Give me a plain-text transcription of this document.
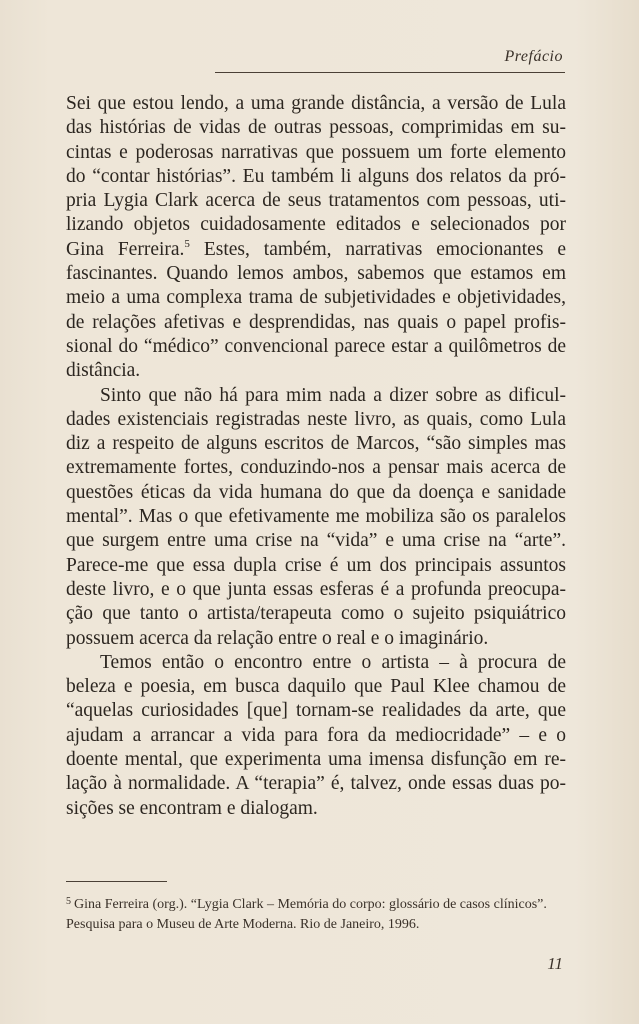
Prefácio

Sei que estou lendo, a uma grande distância, a versão de Lula das histórias de vidas de outras pessoas, comprimidas em sucintas e poderosas narrativas que possuem um forte elemento do “contar histórias”. Eu também li alguns dos relatos da própria Lygia Clark acerca de seus tratamentos com pessoas, utilizando objetos cuidadosamente editados e selecionados por Gina Ferreira.$^5$ Estes, também, narrativas emocionantes e fascinantes. Quando lemos ambos, sabemos que estamos em meio a uma complexa trama de subjetividades e objetividades, de relações afetivas e desprendidas, nas quais o papel profissional do “médico” convencional parece estar a quilômetros de distância.

Sinto que não há para mim nada a dizer sobre as dificuldades existenciais registradas neste livro, as quais, como Lula diz a respeito de alguns escritos de Marcos, “são simples mas extremamente fortes, conduzindo-nos a pensar mais acerca de questões éticas da vida humana do que da doença e sanidade mental”. Mas o que efetivamente me mobiliza são os paralelos que surgem entre uma crise na “vida” e uma crise na “arte”. Parece-me que essa dupla crise é um dos principais assuntos deste livro, e o que junta essas esferas é a profunda preocupação que tanto o artista/terapeuta como o sujeito psiquiátrico possuem acerca da relação entre o real e o imaginário.

Temos então o encontro entre o artista – à procura de beleza e poesia, em busca daquilo que Paul Klee chamou de “aquelas curiosidades [que] tornam-se realidades da arte, que ajudam a arrancar a vida para fora da mediocridade” – e o doente mental, que experimenta uma imensa disfunção em relação à normalidade. A “terapia” é, talvez, onde essas duas posições se encontram e dialogam.

$^5$ Gina Ferreira (org.). “Lygia Clark – Memória do corpo: glossário de casos clínicos”. Pesquisa para o Museu de Arte Moderna. Rio de Janeiro, 1996.

11
